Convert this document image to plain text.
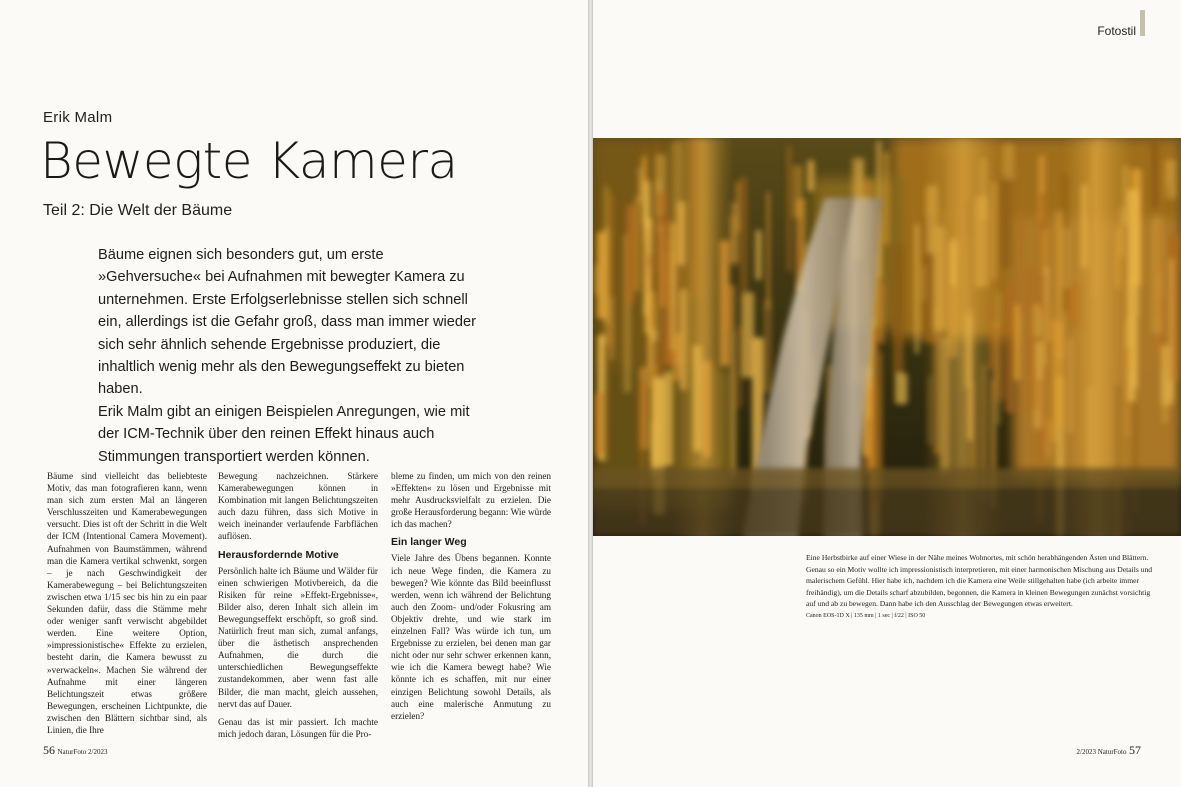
Erik Malm
Bewegte Kamera
Teil 2: Die Welt der Bäume

Bäume eignen sich besonders gut, um erste »Gehversuche« bei Aufnahmen mit bewegter Kamera zu unternehmen. Erste Erfolgserlebnisse stellen sich schnell ein, allerdings ist die Gefahr groß, dass man immer wieder sich sehr ähnlich sehende Ergebnisse produziert, die inhaltlich wenig mehr als den Bewegungseffekt zu bieten haben.

Erik Malm gibt an einigen Beispielen Anregungen, wie mit der ICM-Technik über den reinen Effekt hinaus auch Stimmungen transportiert werden können.

Bäume sind vielleicht das beliebteste Motiv, das man fotografieren kann, wenn man sich zum ersten Mal an längeren Verschlusszeiten und Kamerabewegungen versucht. Dies ist oft der Schritt in die Welt der ICM (Intentional Camera Movement). Aufnahmen von Baumstämmen, während man die Kamera vertikal schwenkt, sorgen – je nach Geschwindigkeit der Kamerabewegung – bei Belichtungszeiten zwischen etwa 1/15 sec bis hin zu ein paar Sekunden dafür, dass die Stämme mehr oder weniger sanft verwischt abgebildet werden. Eine weitere Option, »impressionistische« Effekte zu erzielen, besteht darin, die Kamera bewusst zu »verwackeln«. Machen Sie während der Aufnahme mit einer längeren Belichtungszeit etwas größere Bewegungen, erscheinen Lichtpunkte, die zwischen den Blättern sichtbar sind, als Linien, die Ihre

Bewegung nachzeichnen. Stärkere Kamerabewegungen können in Kombination mit langen Belichtungszeiten auch dazu führen, dass sich Motive in weich ineinander verlaufende Farbflächen auflösen.

Herausfordernde Motive

Persönlich halte ich Bäume und Wälder für einen schwierigen Motivbereich, da die Risiken für reine »Effekt-Ergebnisse«, Bilder also, deren Inhalt sich allein im Bewegungseffekt erschöpft, so groß sind. Natürlich freut man sich, zumal anfangs, über die ästhetisch ansprechenden Aufnahmen, die durch die unterschiedlichen Bewegungseffekte zustandekommen, aber wenn fast alle Bilder, die man macht, gleich aussehen, nervt das auf Dauer.

Genau das ist mir passiert. Ich machte mich jedoch daran, Lösungen für die Pro-

bleme zu finden, um mich von den reinen »Effekten« zu lösen und Ergebnisse mit mehr Ausdrucksvielfalt zu erzielen. Die große Herausforderung begann: Wie würde ich das machen?

Ein langer Weg

Viele Jahre des Übens begannen. Konnte ich neue Wege finden, die Kamera zu bewegen? Wie könnte das Bild beeinflusst werden, wenn ich während der Belichtung auch den Zoom- und/oder Fokusring am Objektiv drehte, und wie stark im einzelnen Fall? Was würde ich tun, um Ergebnisse zu erzielen, bei denen man gar nicht oder nur sehr schwer erkennen kann, wie ich die Kamera bewegt habe? Wie könnte ich es schaffen, mit nur einer einzigen Belichtung sowohl Details, als auch eine malerische Anmutung zu erzielen?

56 NaturFoto 2/2023
Fotostil

Eine Herbstbirke auf einer Wiese in der Nähe meines Wohnortes, mit schön herabhängenden Ästen und Blättern. Genau so ein Motiv wollte ich impressionistisch interpretieren, mit einer harmonischen Mischung aus Details und malerischem Gefühl. Hier habe ich, nachdem ich die Kamera eine Weile stillgehalten habe (ich arbeite immer freihändig), um die Details scharf abzubilden, begonnen, die Kamera in kleinen Bewegungen zunächst vorsichtig auf und ab zu bewegen. Dann habe ich den Ausschlag der Bewegungen etwas erweitert.

Canon EOS-1D X | 135 mm | 1 sec | f/22 | ISO 50

2/2023 NaturFoto 57
